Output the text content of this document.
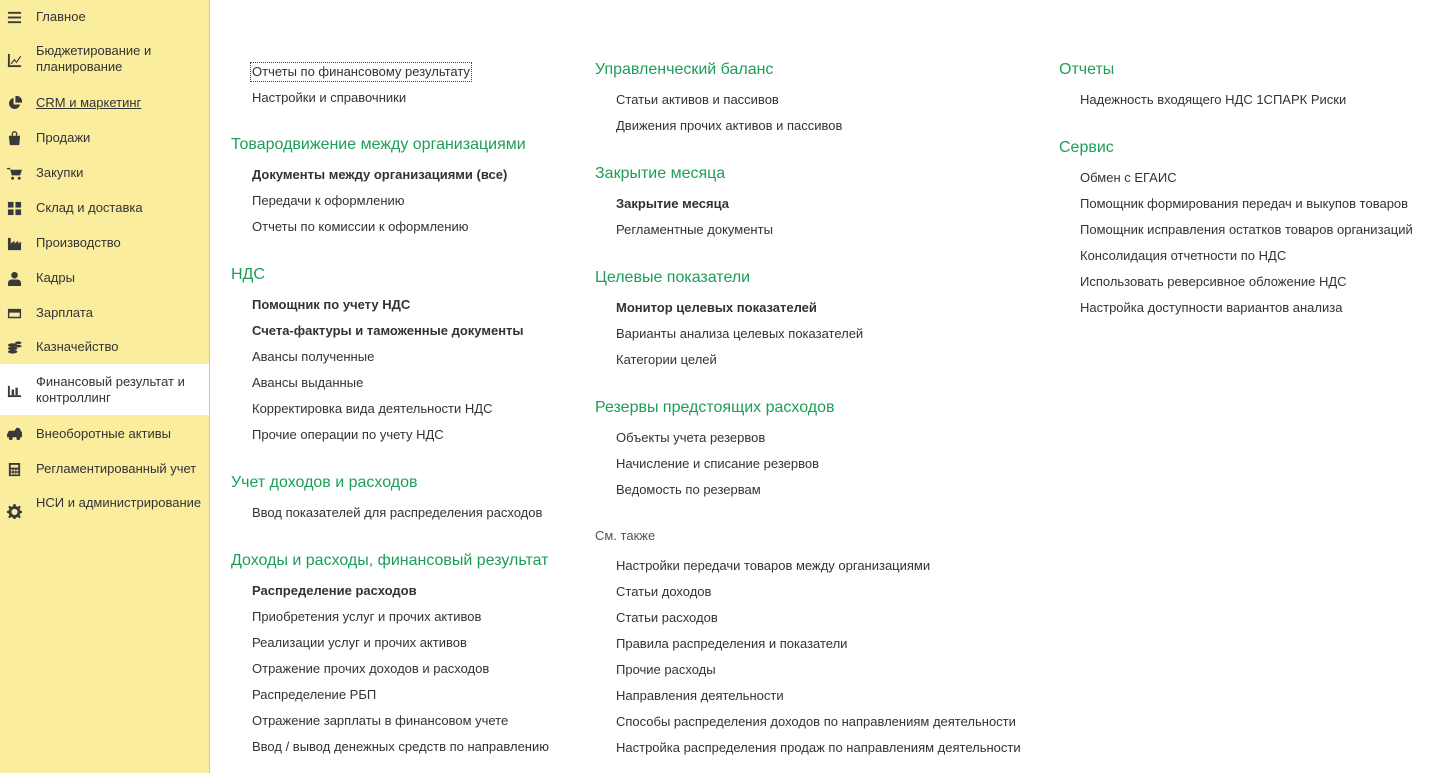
Главное
Бюджетирование и планирование
CRM и маркетинг
Продажи
Закупки
Склад и доставка
Производство
Кадры
Зарплата
Казначейство
Финансовый результат и контроллинг
Внеоборотные активы
Регламентированный учет
НСИ и администрирование
Отчеты по финансовому результату
Настройки и справочники
Товародвижение между организациями
Документы между организациями (все)
Передачи к оформлению
Отчеты по комиссии к оформлению
НДС
Помощник по учету НДС
Счета-фактуры и таможенные документы
Авансы полученные
Авансы выданные
Корректировка вида деятельности НДС
Прочие операции по учету НДС
Учет доходов и расходов
Ввод показателей для распределения расходов
Доходы и расходы, финансовый результат
Распределение расходов
Приобретения услуг и прочих активов
Реализации услуг и прочих активов
Отражение прочих доходов и расходов
Распределение РБП
Отражение зарплаты в финансовом учете
Ввод / вывод денежных средств по направлению
Управленческий баланс
Статьи активов и пассивов
Движения прочих активов и пассивов
Закрытие месяца
Закрытие месяца
Регламентные документы
Целевые показатели
Монитор целевых показателей
Варианты анализа целевых показателей
Категории целей
Резервы предстоящих расходов
Объекты учета резервов
Начисление и списание резервов
Ведомость по резервам
См. также
Настройки передачи товаров между организациями
Статьи доходов
Статьи расходов
Правила распределения и показатели
Прочие расходы
Направления деятельности
Способы распределения доходов по направлениям деятельности
Настройка распределения продаж по направлениям деятельности
Отчеты
Надежность входящего НДС 1СПАРК Риски
Сервис
Обмен с ЕГАИС
Помощник формирования передач и выкупов товаров
Помощник исправления остатков товаров организаций
Консолидация отчетности по НДС
Использовать реверсивное обложение НДС
Настройка доступности вариантов анализа
